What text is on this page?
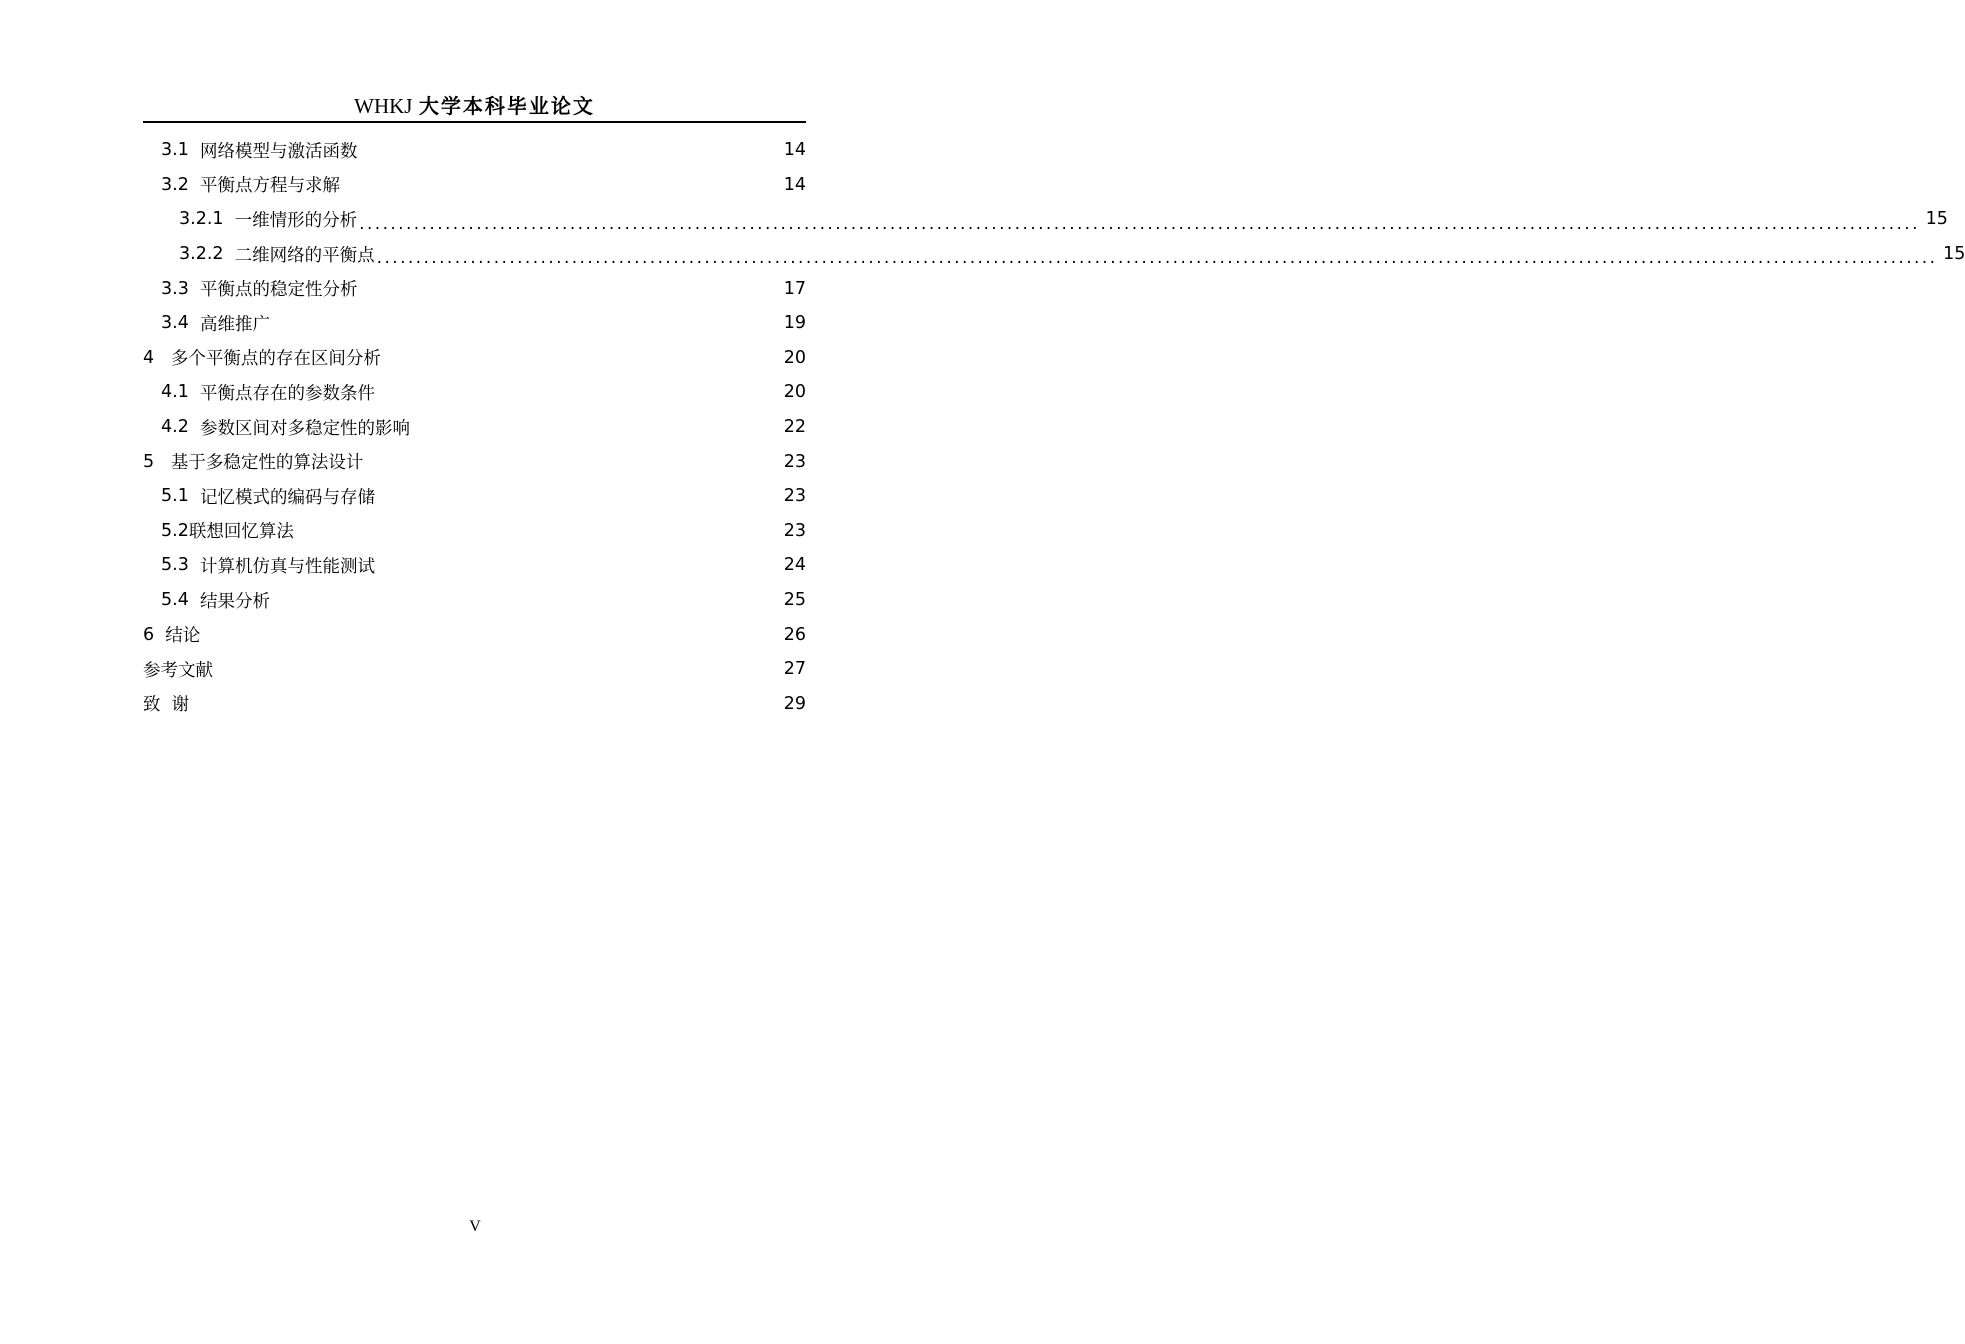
WHKJ 大学本科毕业论文
3.1 网络模型与激活函数	14
3.2 平衡点方程与求解	14
3.2.1 一维情形的分析 ........................................................................................................................................................................................................ 15
3.2.2 二维网络的平衡点 ........................................................................................................................................................................................................ 15
3.3 平衡点的稳定性分析	17
3.4 高维推广	19
4 多个平衡点的存在区间分析	20
4.1 平衡点存在的参数条件	20
4.2 参数区间对多稳定性的影响	22
5 基于多稳定性的算法设计	23
5.1 记忆模式的编码与存储	23
5.2 联想回忆算法	23
5.3 计算机仿真与性能测试	24
5.4 结果分析	25
6 结论	26
参考文献	27
致  谢	29
V
